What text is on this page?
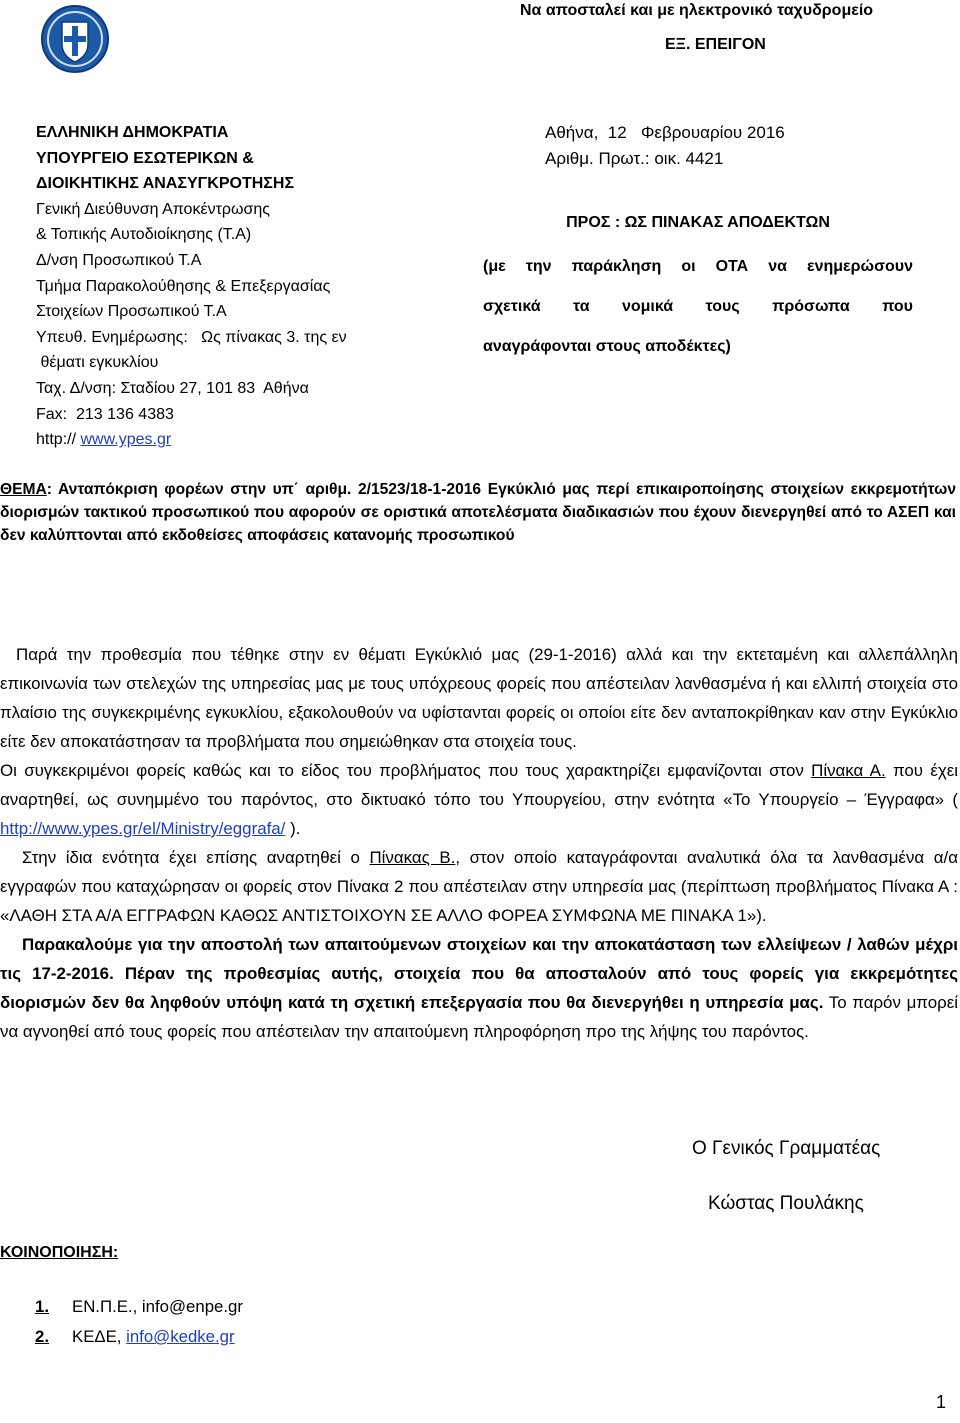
Να αποσταλεί και με ηλεκτρονικό ταχυδρομείο
ΕΞ. ΕΠΕΙΓΟΝ
ΕΛΛΗΝΙΚΗ ΔΗΜΟΚΡΑΤΙΑ
ΥΠΟΥΡΓΕΙΟ ΕΣΩΤΕΡΙΚΩΝ &
ΔΙΟΙΚΗΤΙΚΗΣ ΑΝΑΣΥΓΚΡΟΤΗΣΗΣ
Γενική Διεύθυνση Αποκέντρωσης
& Τοπικής Αυτοδιοίκησης (Τ.Α)
Δ/νση Προσωπικού Τ.Α
Τμήμα Παρακολούθησης & Επεξεργασίας
Στοιχείων Προσωπικού Τ.Α
Υπευθ. Ενημέρωσης:   Ως πίνακας 3. της εν
θέματι εγκυκλίου
Ταχ. Δ/νση: Σταδίου 27, 101 83  Αθήνα
Fax:  213 136 4383
http:// www.ypes.gr
Αθήνα,  12   Φεβρουαρίου 2016
Αριθμ. Πρωτ.: οικ. 4421
ΠΡΟΣ : ΩΣ ΠΙΝΑΚΑΣ ΑΠΟΔΕΚΤΩΝ
(με την παράκληση οι ΟΤΑ να ενημερώσουν
σχετικά τα νομικά τους πρόσωπα που
αναγράφονται στους αποδέκτες)
ΘΕΜΑ: Ανταπόκριση φορέων στην υπ΄ αριθμ. 2/1523/18-1-2016 Εγκύκλιό μας περί επικαιροποίησης στοιχείων εκκρεμοτήτων διορισμών τακτικού προσωπικού που αφορούν σε οριστικά αποτελέσματα διαδικασιών που έχουν διενεργηθεί από το ΑΣΕΠ και δεν καλύπτονται από εκδοθείσες αποφάσεις κατανομής προσωπικού

Παρά την προθεσμία που τέθηκε στην εν θέματι Εγκύκλιό μας (29-1-2016) αλλά και την εκτεταμένη και αλλεπάλληλη επικοινωνία των στελεχών της υπηρεσίας μας με τους υπόχρεους φορείς που απέστειλαν λανθασμένα ή και ελλιπή στοιχεία στο πλαίσιο της συγκεκριμένης εγκυκλίου, εξακολουθούν να υφίστανται φορείς οι οποίοι είτε δεν ανταποκρίθηκαν καν στην Εγκύκλιο είτε δεν αποκατάστησαν τα προβλήματα που σημειώθηκαν στα στοιχεία τους.

Οι συγκεκριμένοι φορείς καθώς και το είδος του προβλήματος που τους χαρακτηρίζει εμφανίζονται στον Πίνακα Α. που έχει αναρτηθεί, ως συνημμένο του παρόντος, στο δικτυακό τόπο του Υπουργείου, στην ενότητα «Το Υπουργείο – Έγγραφα» ( http://www.ypes.gr/el/Ministry/eggrafa/ ).

Στην ίδια ενότητα έχει επίσης αναρτηθεί ο Πίνακας Β., στον οποίο καταγράφονται αναλυτικά όλα τα λανθασμένα α/α εγγραφών που καταχώρησαν οι φορείς στον Πίνακα 2 που απέστειλαν στην υπηρεσία μας (περίπτωση προβλήματος Πίνακα Α : «ΛΑΘΗ ΣΤΑ Α/Α ΕΓΓΡΑΦΩΝ ΚΑΘΩΣ ΑΝΤΙΣΤΟΙΧΟΥΝ ΣΕ ΑΛΛΟ ΦΟΡΕΑ ΣΥΜΦΩΝΑ ΜΕ ΠΙΝΑΚΑ 1»).

Παρακαλούμε για την αποστολή των απαιτούμενων στοιχείων και την αποκατάσταση των ελλείψεων / λαθών μέχρι τις 17-2-2016. Πέραν της προθεσμίας αυτής, στοιχεία που θα αποσταλούν από τους φορείς για εκκρεμότητες διορισμών δεν θα ληφθούν υπόψη κατά τη σχετική επεξεργασία που θα διενεργήθει η υπηρεσία μας. Το παρόν μπορεί να αγνοηθεί από τους φορείς που απέστειλαν την απαιτούμενη πληροφόρηση προ της λήψης του παρόντος.

Ο Γενικός Γραμματέας
Κώστας Πουλάκης
ΚΟΙΝΟΠΟΙΗΣΗ:
1. ΕΝ.Π.Ε., info@enpe.gr
2. ΚΕΔΕ, info@kedke.gr
1
